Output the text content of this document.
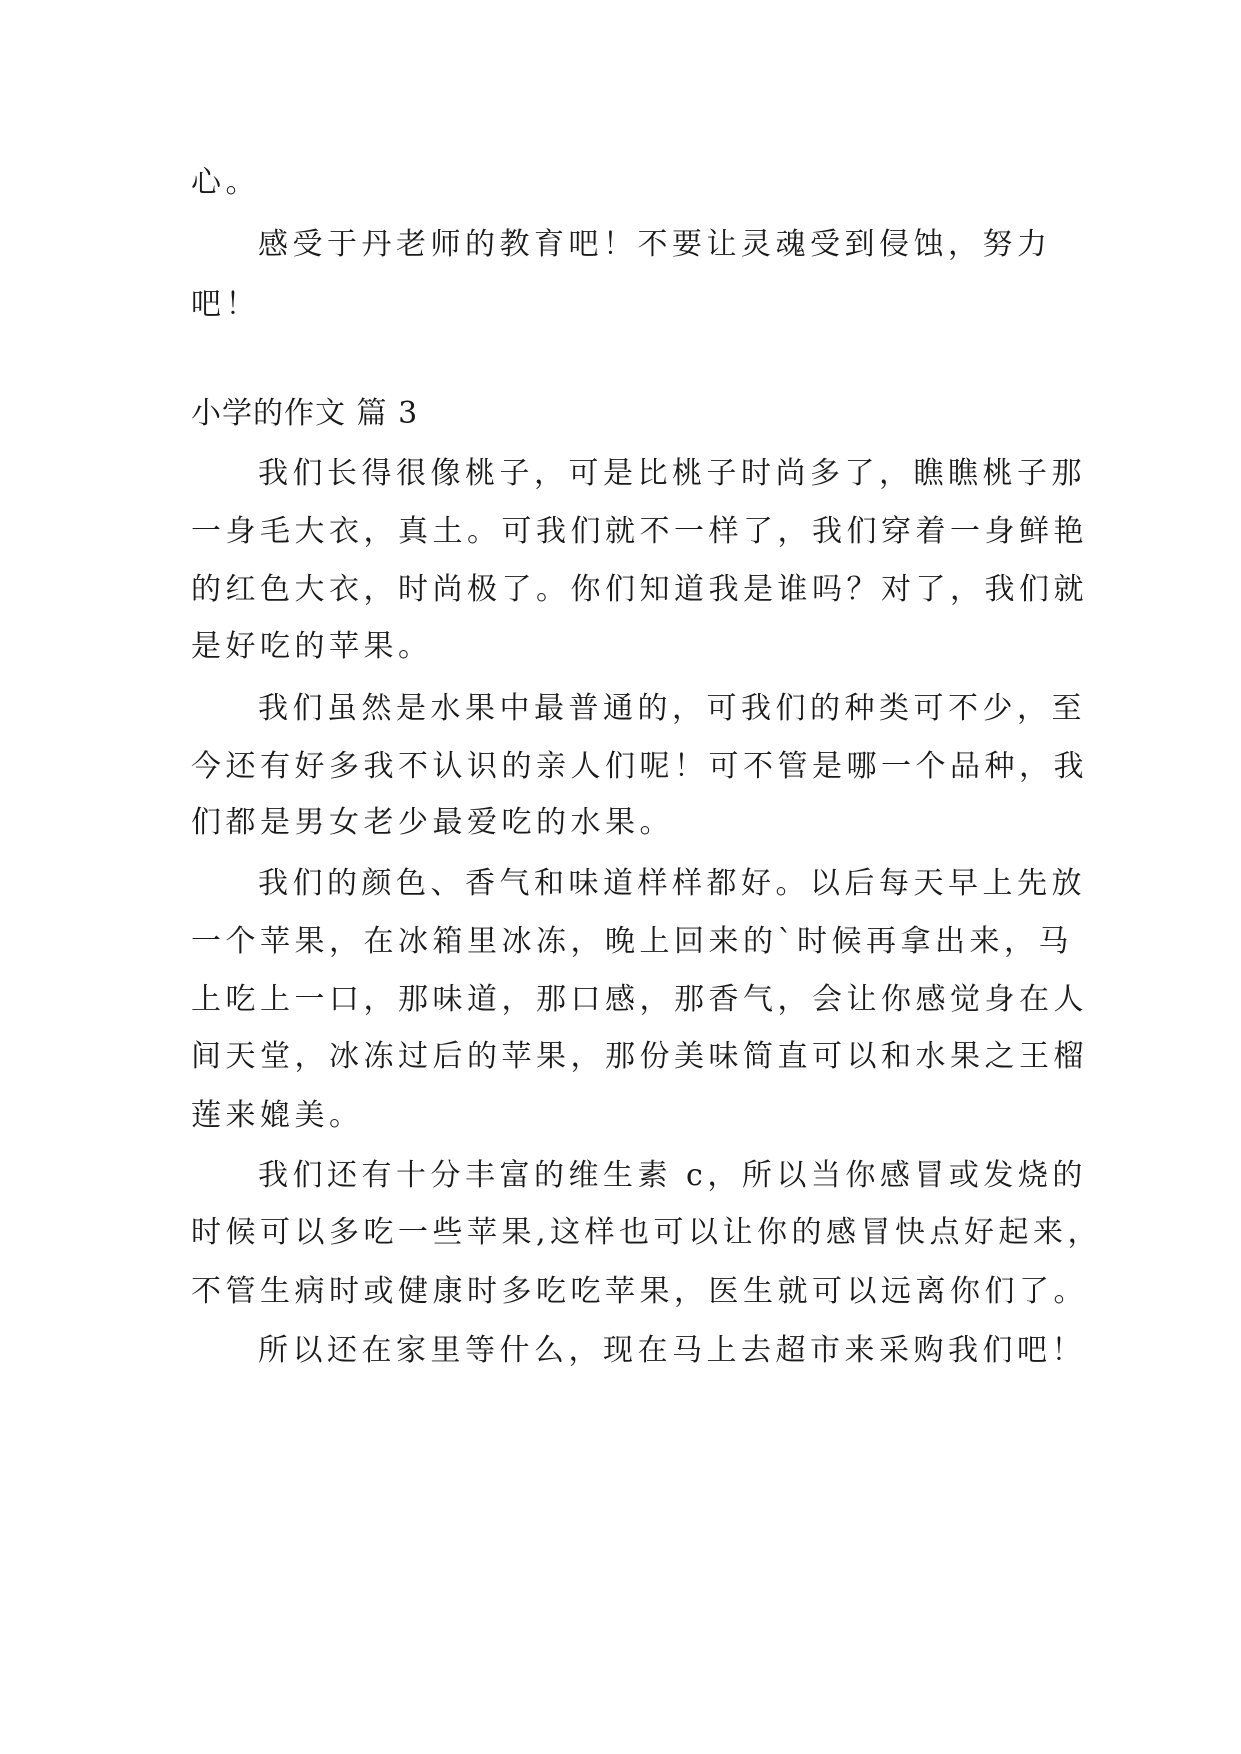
心。
感受于丹老师的教育吧！不要让灵魂受到侵蚀，努力
吧！
小学的作文 篇 3
我们长得很像桃子，可是比桃子时尚多了，瞧瞧桃子那
一身毛大衣，真土。可我们就不一样了，我们穿着一身鲜艳
的红色大衣，时尚极了。你们知道我是谁吗？对了，我们就
是好吃的苹果。
我们虽然是水果中最普通的，可我们的种类可不少，至
今还有好多我不认识的亲人们呢！可不管是哪一个品种，我
们都是男女老少最爱吃的水果。
我们的颜色、香气和味道样样都好。以后每天早上先放
一个苹果，在冰箱里冰冻，晚上回来的`时候再拿出来，马
上吃上一口，那味道，那口感，那香气，会让你感觉身在人
间天堂，冰冻过后的苹果，那份美味简直可以和水果之王榴
莲来媲美。
我们还有十分丰富的维生素 c，所以当你感冒或发烧的
时候可以多吃一些苹果,这样也可以让你的感冒快点好起来，
不管生病时或健康时多吃吃苹果，医生就可以远离你们了。
所以还在家里等什么，现在马上去超市来采购我们吧！
